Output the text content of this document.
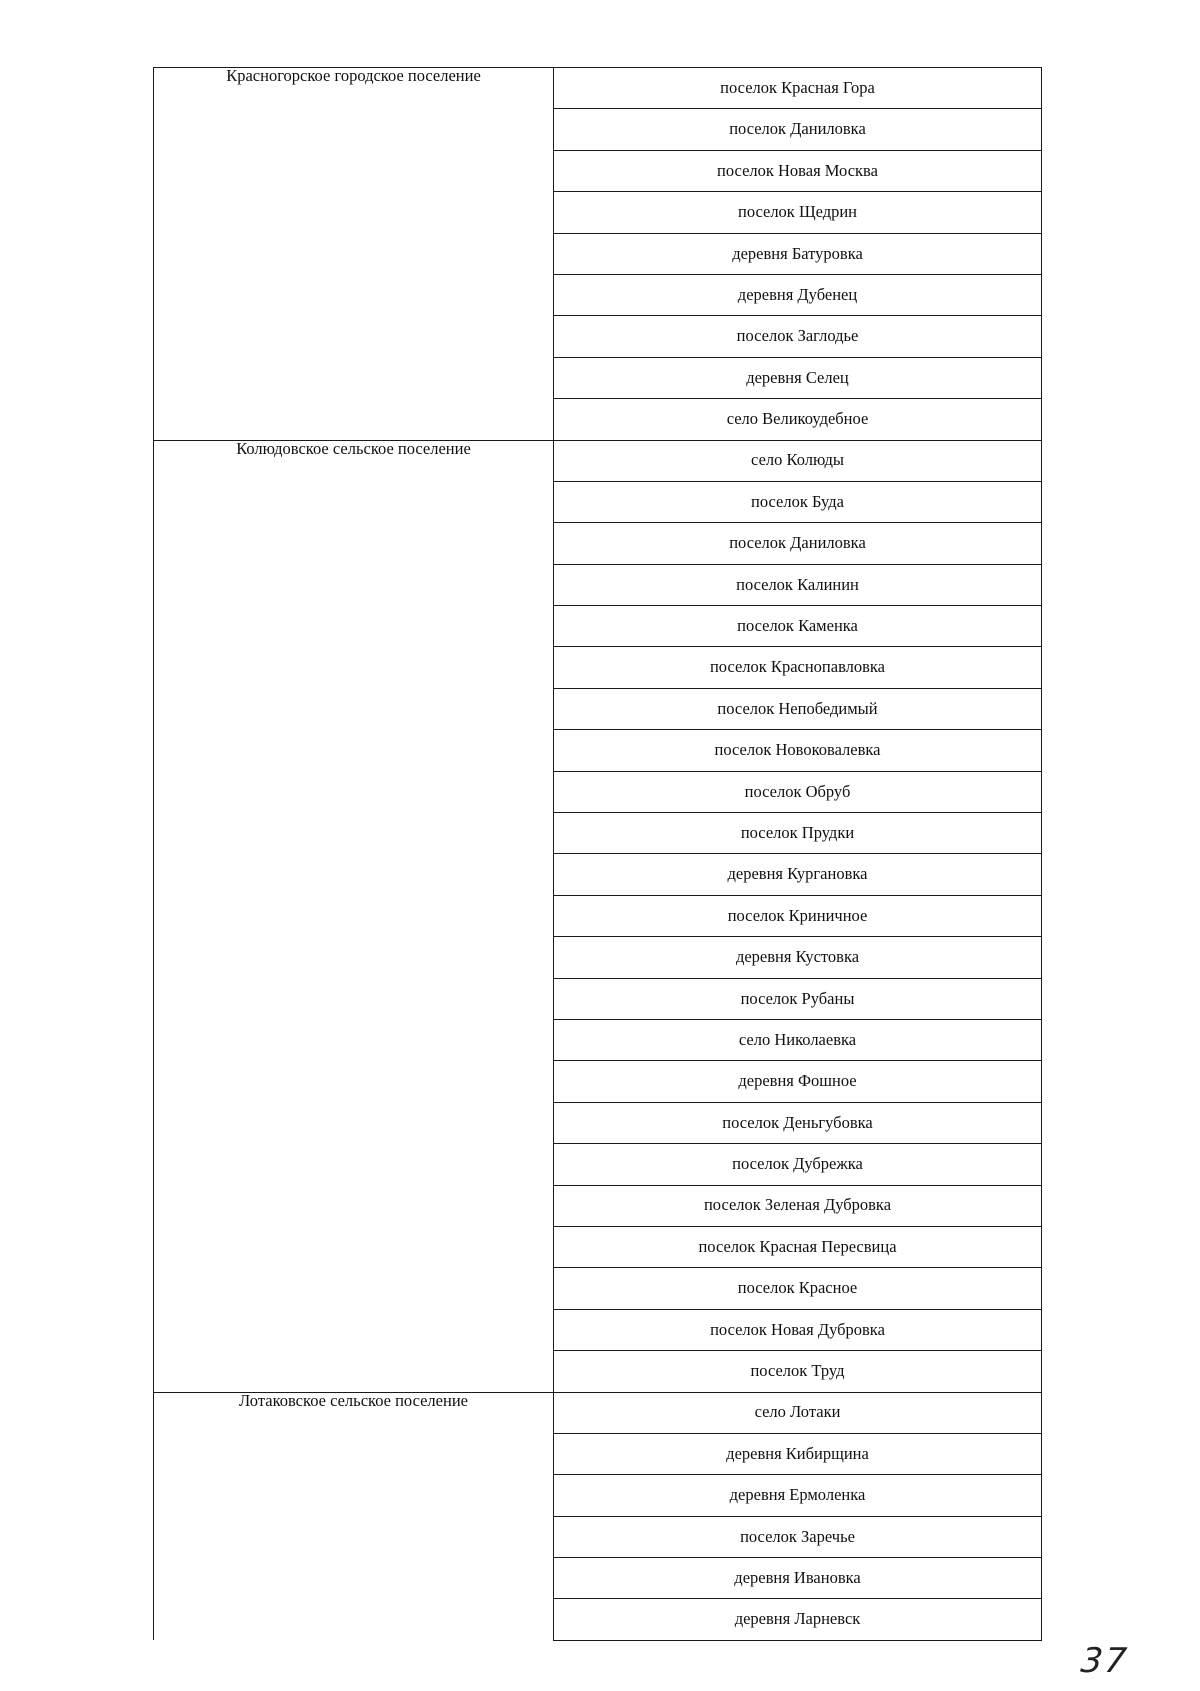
Красногорское городское поселение	поселок Красная Гора
	поселок Даниловка
	поселок Новая Москва
	поселок Щедрин
	деревня Батуровка
	деревня Дубенец
	поселок Заглодье
	деревня Селец
	село Великоудебное
Колюдовское сельское поселение	село Колюды
	поселок Буда
	поселок Даниловка
	поселок Калинин
	поселок Каменка
	поселок Краснопавловка
	поселок Непобедимый
	поселок Новоковалевка
	поселок Обруб
	поселок Прудки
	деревня Кургановка
	поселок Криничное
	деревня Кустовка
	поселок Рубаны
	село Николаевка
	деревня Фошное
	поселок Деньгубовка
	поселок Дубрежка
	поселок Зеленая Дубровка
	поселок Красная Пересвица
	поселок Красное
	поселок Новая Дубровка
	поселок Труд
Лотаковское сельское поселение	село Лотаки
	деревня Кибирщина
	деревня Ермоленка
	поселок Заречье
	деревня Ивановка
	деревня Ларневск
37
